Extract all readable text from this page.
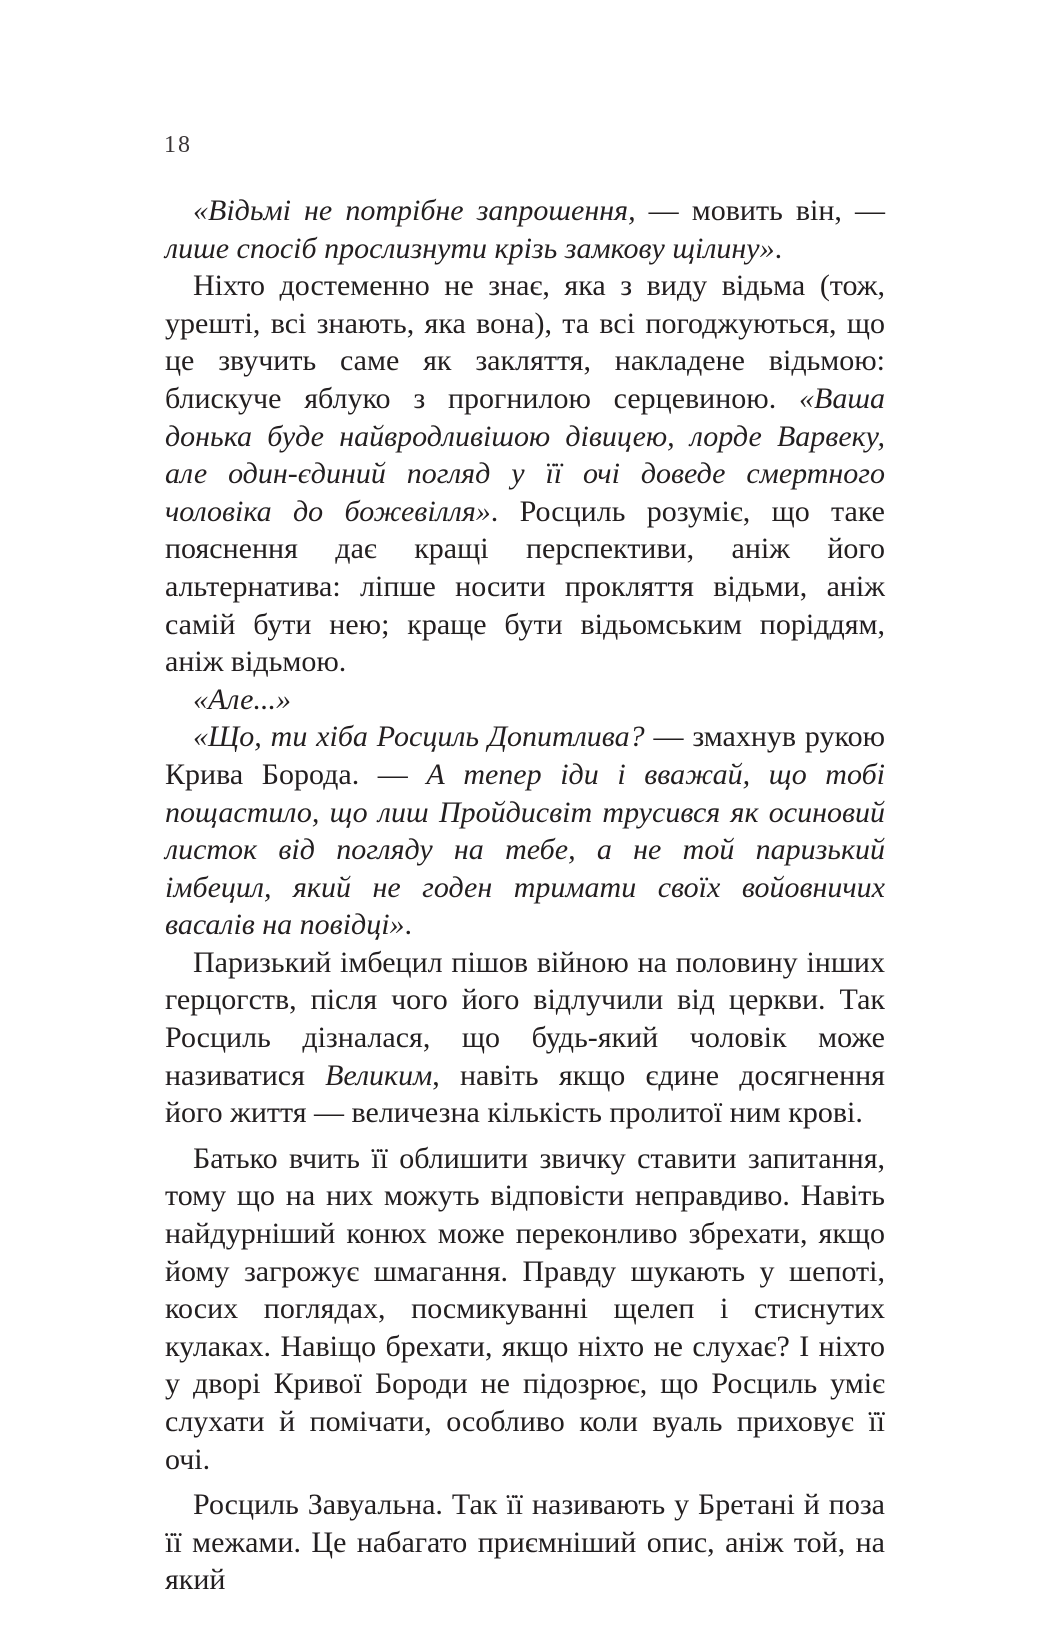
18

«Відьмі не потрібне запрошення, — мовить він, — лише спосіб прослизнути крізь замкову щілину».

Ніхто достеменно не знає, яка з виду відьма (тож, урешті, всі знають, яка вона), та всі погоджуються, що це звучить саме як закляття, накладене відьмою: блискуче яблуко з прогнилою серцевиною. «Ваша донька буде найвродливішою дівицею, лорде Варвеку, але один-єдиний погляд у її очі доведе смертного чоловіка до божевілля». Росциль розуміє, що таке пояснення дає кращі перспективи, аніж його альтернатива: ліпше носити прокляття відьми, аніж самій бути нею; краще бути відьомським поріддям, аніж відьмою.

«Але...»

«Що, ти хіба Росциль Допитлива? — змахнув рукою Крива Борода. — А тепер іди і вважай, що тобі пощастило, що лиш Пройдисвіт трусився як осиновий листок від погляду на тебе, а не той паризький імбецил, який не годен тримати своїх войовничих васалів на повідці».

Паризький імбецил пішов війною на половину інших герцогств, після чого його відлучили від церкви. Так Росциль дізналася, що будь-який чоловік може називатися Великим, навіть якщо єдине досягнення його життя — величезна кількість пролитої ним крові.

Батько вчить її облишити звичку ставити запитання, тому що на них можуть відповісти неправдиво. Навіть найдурніший конюх може переконливо збрехати, якщо йому загрожує шмагання. Правду шукають у шепоті, косих поглядах, посмикуванні щелеп і стиснутих кулаках. Навіщо брехати, якщо ніхто не слухає? І ніхто у дворі Кривої Бороди не підозрює, що Росциль уміє слухати й помічати, особливо коли вуаль приховує її очі.

Росциль Завуальна. Так її називають у Бретані й поза її межами. Це набагато приємніший опис, аніж той, на який
